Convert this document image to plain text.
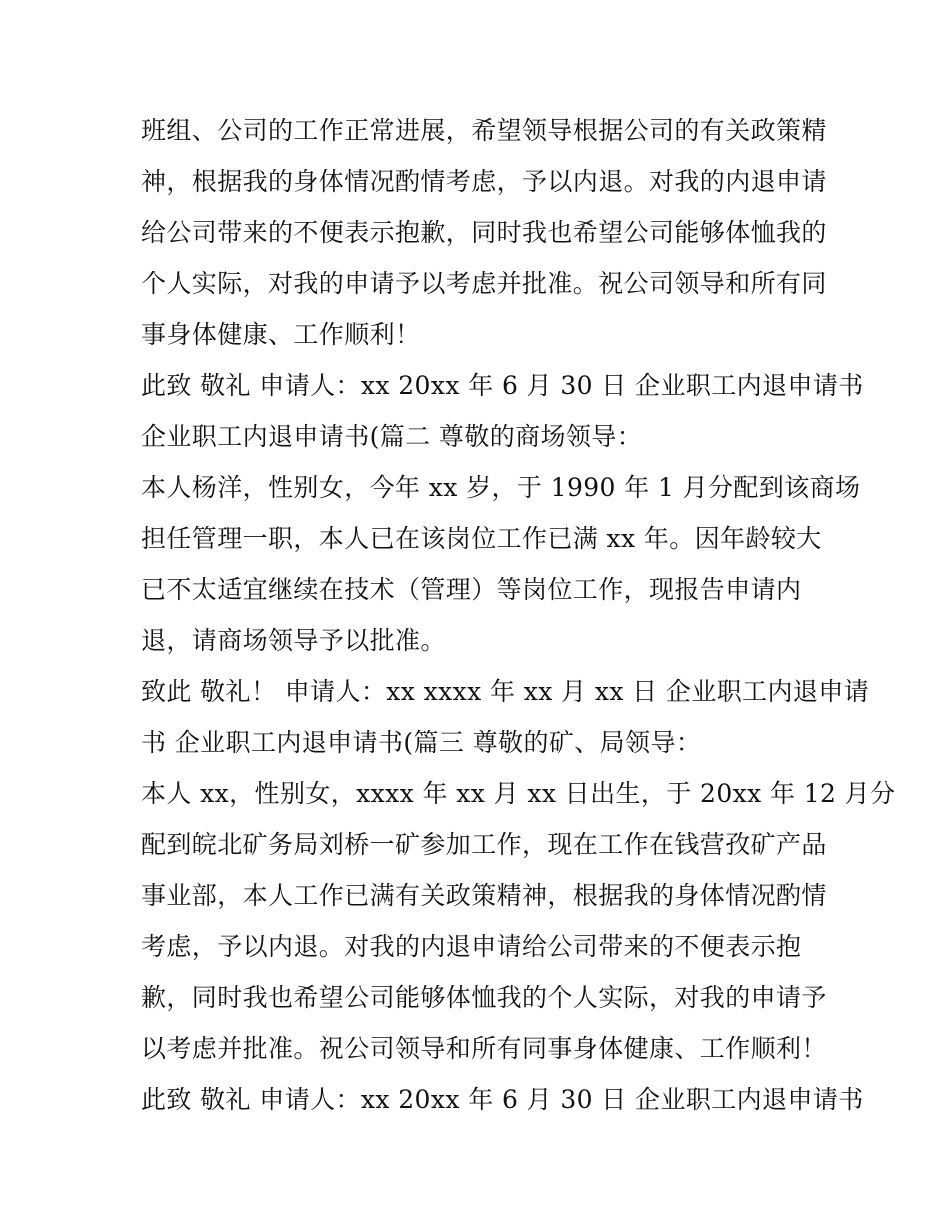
班组、公司的工作正常进展，希望领导根据公司的有关政策精
神，根据我的身体情况酌情考虑，予以内退。对我的内退申请
给公司带来的不便表示抱歉，同时我也希望公司能够体恤我的
个人实际，对我的申请予以考虑并批准。祝公司领导和所有同
事身体健康、工作顺利！
此致 敬礼 申请人：xx 20xx 年 6 月 30 日 企业职工内退申请书
企业职工内退申请书(篇二 尊敬的商场领导：
本人杨洋，性别女，今年 xx 岁，于 1990 年 1 月分配到该商场
担任管理一职，本人已在该岗位工作已满 xx 年。因年龄较大
已不太适宜继续在技术（管理）等岗位工作，现报告申请内
退，请商场领导予以批准。
致此 敬礼！ 申请人：xx xxxx 年 xx 月 xx 日 企业职工内退申请
书 企业职工内退申请书(篇三 尊敬的矿、局领导：
本人 xx，性别女，xxxx 年 xx 月 xx 日出生，于 20xx 年 12 月分
配到皖北矿务局刘桥一矿参加工作，现在工作在钱营孜矿产品
事业部，本人工作已满有关政策精神，根据我的身体情况酌情
考虑，予以内退。对我的内退申请给公司带来的不便表示抱
歉，同时我也希望公司能够体恤我的个人实际，对我的申请予
以考虑并批准。祝公司领导和所有同事身体健康、工作顺利！
此致 敬礼 申请人：xx 20xx 年 6 月 30 日 企业职工内退申请书
